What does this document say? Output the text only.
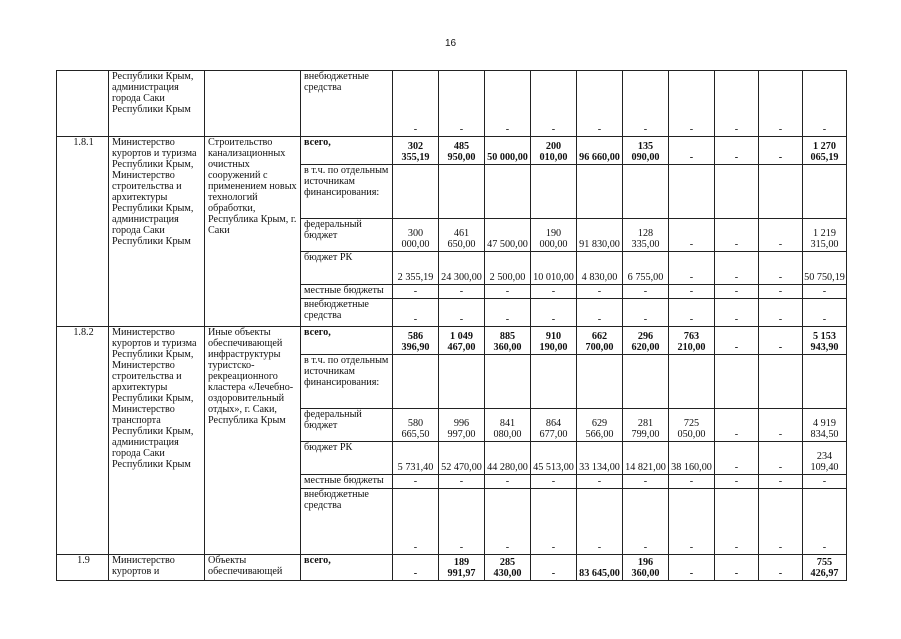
16
	Республики Крым, администрация города Саки Республики Крым		внебюджетные средства	-	-	-	-	-	-	-	-	-	-
1.8.1	Министерство курортов и туризма Республики Крым, Министерство строительства и архитектуры Республики Крым, администрация города Саки Республики Крым	Строительство канализационных очистных сооружений с применением новых технологий обработки, Республика Крым, г. Саки	всего,	302 355,19	485 950,00	50 000,00	200 010,00	96 660,00	135 090,00	-	-	-	1 270 065,19
			в т.ч. по отдельным источникам финансирования:										
			федеральный бюджет	300 000,00	461 650,00	47 500,00	190 000,00	91 830,00	128 335,00	-	-	-	1 219 315,00
			бюджет РК	2 355,19	24 300,00	2 500,00	10 010,00	4 830,00	6 755,00	-	-	-	50 750,19
			местные бюджеты	-	-	-	-	-	-	-	-	-	-
			внебюджетные средства	-	-	-	-	-	-	-	-	-	-
1.8.2	Министерство курортов и туризма Республики Крым, Министерство строительства и архитектуры Республики Крым, Министерство транспорта Республики Крым, администрация города Саки Республики Крым	Иные объекты обеспечивающей инфраструктуры туристско-рекреационного кластера «Лечебно-оздоровительный отдых», г. Саки, Республика Крым	всего,	586 396,90	1 049 467,00	885 360,00	910 190,00	662 700,00	296 620,00	763 210,00	-	-	5 153 943,90
			в т.ч. по отдельным источникам финансирования:										
			федеральный бюджет	580 665,50	996 997,00	841 080,00	864 677,00	629 566,00	281 799,00	725 050,00	-	-	4 919 834,50
			бюджет РК	5 731,40	52 470,00	44 280,00	45 513,00	33 134,00	14 821,00	38 160,00	-	-	234 109,40
			местные бюджеты	-	-	-	-	-	-	-	-	-	-
			внебюджетные средства	-	-	-	-	-	-	-	-	-	-
1.9	Министерство курортов и	Объекты обеспечивающей	всего,	-	189 991,97	285 430,00	-	83 645,00	196 360,00	-	-	-	755 426,97
